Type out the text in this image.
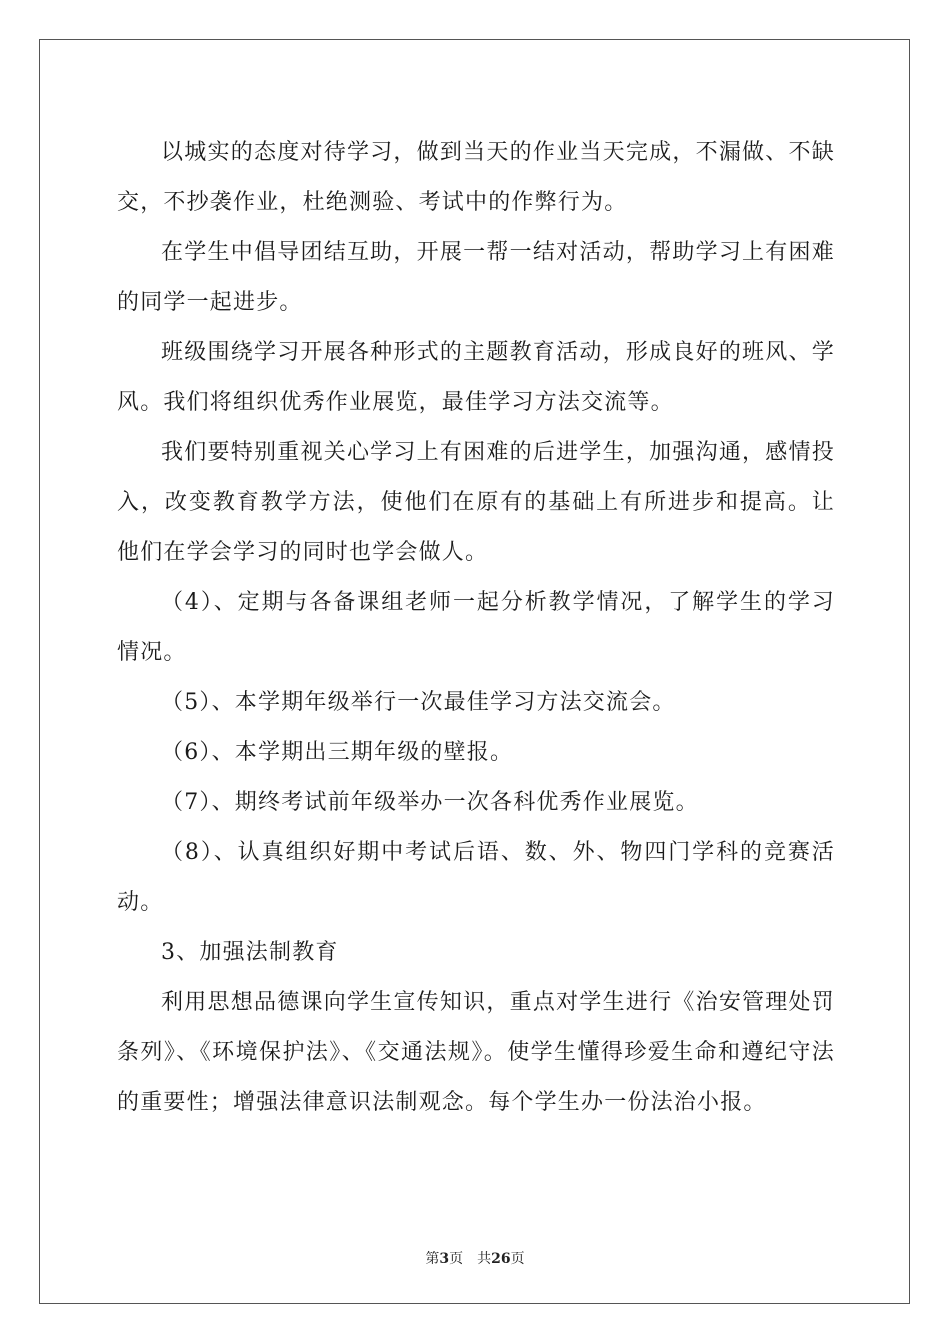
以城实的态度对待学习，做到当天的作业当天完成，不漏做、不缺交，不抄袭作业，杜绝测验、考试中的作弊行为。

在学生中倡导团结互助，开展一帮一结对活动，帮助学习上有困难的同学一起进步。

班级围绕学习开展各种形式的主题教育活动，形成良好的班风、学风。我们将组织优秀作业展览，最佳学习方法交流等。

我们要特别重视关心学习上有困难的后进学生，加强沟通，感情投入，改变教育教学方法，使他们在原有的基础上有所进步和提高。让他们在学会学习的同时也学会做人。

（4）、定期与各备课组老师一起分析教学情况，了解学生的学习情况。

（5）、本学期年级举行一次最佳学习方法交流会。

（6）、本学期出三期年级的壁报。

（7）、期终考试前年级举办一次各科优秀作业展览。

（8）、认真组织好期中考试后语、数、外、物四门学科的竞赛活动。

3、加强法制教育

利用思想品德课向学生宣传知识，重点对学生进行《治安管理处罚条列》、《环境保护法》、《交通法规》。使学生懂得珍爱生命和遵纪守法的重要性；增强法律意识法制观念。每个学生办一份法治小报。

第3页 共26页
